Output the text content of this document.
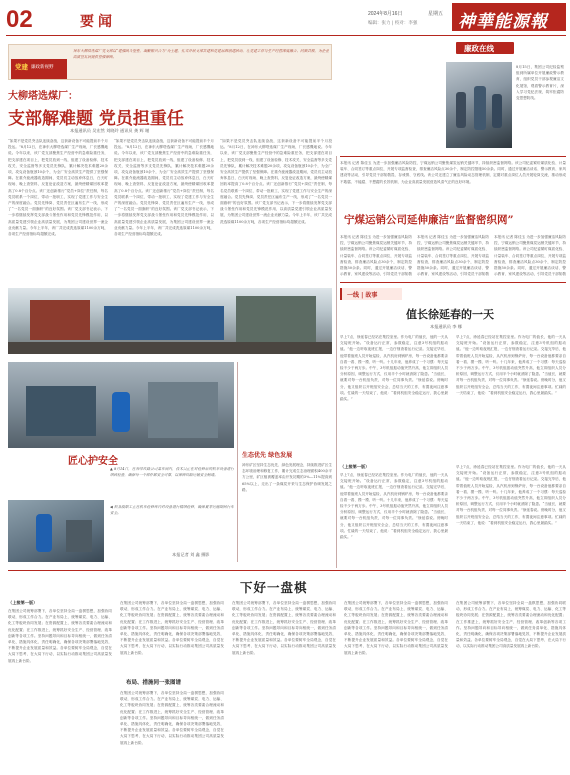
02	要闻	2024年8月16日	星期五
编辑：张力 | 校对：李强 神華能源報
党建 廉政新视野
神东大柳塔选煤厂党支部以“建强战斗堡垒，凝聚振兴合力”为主题，扎实开展支部共建和党建品牌创建活动，让党建工作与生产经营深度融合、同频共振，为企业高质量发展提供坚强保障。
廉政在线
8月15日，集团公司纪检监察组到所属单位开展廉政警示教育，组织党员干部参观廉洁文化展馆，观看警示教育片，深入学习党纪法规，筑牢拒腐防变思想防线。
大柳塔选煤厂：
支部解难题 党员担重任
本报通讯员 吴宏然 刘晓玲 通讯员 龚 辉 谢
“如果不是党员突击队连续奋战，这套新设备不可能提前半个月投运。”8月12日，在神东大柳塔选煤厂生产现场，厂长感慨地说。今年以来，该厂党支部聚焦生产经营中的急难险重任务，把支部建在项目上，把党员放到一线，组建了设备检修、技术攻关、安全监督等多支党员先锋队，累计解决技术难题20余项，攻克设备瓶颈10余个，为全厂安全高效生产提供了坚强保障。在重介旋流器改造期间，党员们主动放弃休息日，白天盯现场、晚上查资料，反复论证改造方案，最终使精煤回收率提高了0.8个百分点。该厂还创新推行“党员+岗位”责任制，每名党员联系一个岗位、带动一批职工，实现了党建工作与安全生产的深度融合。党员先锋岗、党员责任区遍布生产一线，形成了“一名党员一面旗帜”的良好氛围。该厂党支部书记表示，下一步将继续发挥党支部战斗堡垒作用和党员先锋模范作用，以高质量党建引领企业高质量发展，为集团公司建设世界一流企业贡献力量。今年上半年，该厂共完成洗选原煤1100余万吨，各项生产经营指标均超额完成。
“如果不是党员突击队连续奋战，这套新设备不可能提前半个月投运。”8月12日，在神东大柳塔选煤厂生产现场，厂长感慨地说。今年以来，该厂党支部聚焦生产经营中的急难险重任务，把支部建在项目上，把党员放到一线，组建了设备检修、技术攻关、安全监督等多支党员先锋队，累计解决技术难题20余项，攻克设备瓶颈10余个，为全厂安全高效生产提供了坚强保障。在重介旋流器改造期间，党员们主动放弃休息日，白天盯现场、晚上查资料，反复论证改造方案，最终使精煤回收率提高了0.8个百分点。该厂还创新推行“党员+岗位”责任制，每名党员联系一个岗位、带动一批职工，实现了党建工作与安全生产的深度融合。党员先锋岗、党员责任区遍布生产一线，形成了“一名党员一面旗帜”的良好氛围。该厂党支部书记表示，下一步将继续发挥党支部战斗堡垒作用和党员先锋模范作用，以高质量党建引领企业高质量发展，为集团公司建设世界一流企业贡献力量。今年上半年，该厂共完成洗选原煤1100余万吨，各项生产经营指标均超额完成。
“如果不是党员突击队连续奋战，这套新设备不可能提前半个月投运。”8月12日，在神东大柳塔选煤厂生产现场，厂长感慨地说。今年以来，该厂党支部聚焦生产经营中的急难险重任务，把支部建在项目上，把党员放到一线，组建了设备检修、技术攻关、安全监督等多支党员先锋队，累计解决技术难题20余项，攻克设备瓶颈10余个，为全厂安全高效生产提供了坚强保障。在重介旋流器改造期间，党员们主动放弃休息日，白天盯现场、晚上查资料，反复论证改造方案，最终使精煤回收率提高了0.8个百分点。该厂还创新推行“党员+岗位”责任制，每名党员联系一个岗位、带动一批职工，实现了党建工作与安全生产的深度融合。党员先锋岗、党员责任区遍布生产一线，形成了“一名党员一面旗帜”的良好氛围。该厂党支部书记表示，下一步将继续发挥党支部战斗堡垒作用和党员先锋模范作用，以高质量党建引领企业高质量发展，为集团公司建设世界一流企业贡献力量。今年上半年，该厂共完成洗选原煤1100余万吨，各项生产经营指标均超额完成。	宁煤运销公司延伸廉洁“监督密织网”
本报讯 记者 陈佳玉 为进一步加强廉洁风险防控，宁煤运销公司聚焦煤炭运销关键环节，持续织密监督网络。该公司纪委紧盯煤质化验、计量装车、合同签订等重点岗位，开展专项监督检查，排查廉洁风险点30余个，制定防控措施50余条。同时，通过开展廉洁谈话、警示教育、家风建设等活动，引导党员干部知敬
本报讯 记者 陈佳玉 为进一步加强廉洁风险防控，宁煤运销公司聚焦煤炭运销关键环节，持续织密监督网络。该公司纪委紧盯煤质化验、计量装车、合同签订等重点岗位，开展专项监督检查，排查廉洁风险点30余个，制定防控措施50余条。同时，通过开展廉洁谈话、警示教育、家风建设等活动，引导党员干部知敬
本报讯 记者 陈佳玉 为进一步加强廉洁风险防控，宁煤运销公司聚焦煤炭运销关键环节，持续织密监督网络。该公司纪委紧盯煤质化验、计量装车、合同签订等重点岗位，开展专项监督检查，排查廉洁风险点30余个，制定防控措施50余条。同时，通过开展廉洁谈话、警示教育、家风建设等活动，引导党员干部知敬
本报讯 记者 陈佳玉 为进一步加强廉洁风险防控，宁煤运销公司聚焦煤炭运销关键环节，持续织密监督网络。该公司纪委紧盯煤质化验、计量装车、合同签订等重点岗位，开展专项监督检查，排查廉洁风险点30余个，制定防控措施50余条。同时，通过开展廉洁谈话、警示教育、家风建设等活动，引导党员干部知敬畏、存戒惧、守底线。该公司还建立了廉洁风险动态管理机制，定期对重点岗位人员开展轮岗交流，推动形成不敢腐、不能腐、不想腐的长效机制，为企业高质量发展营造风清气正的良好环境。
一线 | 故事
值长徐延春的一天
本报通讯员 李 娜
早上7点，徐延春已经站在集控室里。作为电厂的值长，他的一天从交接班开始。“设备运行正常，参数稳定，注意3号机组的振动值。”他一边听取夜班汇报，一边仔细查看运行记录。交接完毕后，他带着值班人员开始巡检，从汽机房到锅炉房，每一台设备他都要亲自看一看、摸一摸、听一听。十几年来，他养成了一个习惯：每天巡检不少于两万步。中午，3号机组振动值突然升高，他立即组织人员分析原因，调整运行方式，仅用半个小时就消除了隐患。“当值长，就要对每一台机组负责，对每一位同事负责。”徐延春说。傍晚时分，他又组织召开班组安全会，总结当天的工作，布置夜间注意事项。忙碌的一天结束了，他说：“看到机组安全稳定运行，我心里最踏实。”
早上7点，徐延春已经站在集控室里。作为电厂的值长，他的一天从交接班开始。“设备运行正常，参数稳定，注意3号机组的振动值。”他一边听取夜班汇报，一边仔细查看运行记录。交接完毕后，他带着值班人员开始巡检，从汽机房到锅炉房，每一台设备他都要亲自看一看、摸一摸、听一听。十几年来，他养成了一个习惯：每天巡检不少于两万步。中午，3号机组振动值突然升高，他立即组织人员分析原因，调整运行方式，仅用半个小时就消除了隐患。“当值长，就要对每一台机组负责，对每一位同事负责。”徐延春说。傍晚时分，他又组织召开班组安全会，总结当天的工作，布置夜间注意事项。忙碌的一天结束了，他说：“看到机组安全稳定运行，我心里最踏实。”
（上接第一版）
早上7点，徐延春已经站在集控室里。作为电厂的值长，他的一天从交接班开始。“设备运行正常，参数稳定，注意3号机组的振动值。”他一边听取夜班汇报，一边仔细查看运行记录。交接完毕后，他带着值班人员开始巡检，从汽机房到锅炉房，每一台设备他都要亲自看一看、摸一摸、听一听。十几年来，他养成了一个习惯：每天巡检不少于两万步。中午，3号机组振动值突然升高，他立即组织人员分析原因，调整运行方式，仅用半个小时就消除了隐患。“当值长，就要对每一台机组负责，对每一位同事负责。”徐延春说。傍晚时分，他又组织召开班组安全会，总结当天的工作，布置夜间注意事项。忙碌的一天结束了，他说：“看到机组安全稳定运行，我心里最踏实。”
早上7点，徐延春已经站在集控室里。作为电厂的值长，他的一天从交接班开始。“设备运行正常，参数稳定，注意3号机组的振动值。”他一边听取夜班汇报，一边仔细查看运行记录。交接完毕后，他带着值班人员开始巡检，从汽机房到锅炉房，每一台设备他都要亲自看一看、摸一摸、听一听。十几年来，他养成了一个习惯：每天巡检不少于两万步。中午，3号机组振动值突然升高，他立即组织人员分析原因，调整运行方式，仅用半个小时就消除了隐患。“当值长，就要对每一台机组负责，对每一位同事负责。”徐延春说。傍晚时分，他又组织召开班组安全会，总结当天的工作，布置夜间注意事项。忙碌的一天结束了，他说：“看到机组安全稳定运行，我心里最踏实。”
匠心护安全
▲ 8月14日，在神华铁路公司某车间内，技术员正在对检修后的机车设备进行细致检查，确保每一个部件都安全可靠，以保障铁路运输安全畅通。
◀ 机务段职工正在机车检修库内对设备进行精细检修，确保夏季运输期间行车安全。
本报记者 刘 鑫 摄影
生态优先 绿色发展
神东矿区坚持生态优先、绿色发展理念，持续推进矿区生态环境治理和修复工作，累计完成生态治理面积400余平方公里，矿区植被覆盖率由开发初期的3%—11%提高到65%以上，走出了一条煤炭开采与生态保护协调发展之路。
下好一盘棋
（上接第一版）
在集团公司统筹部署下，各单位坚持全局一盘棋思想，加强协同联动，形成工作合力。在产业布局上，统筹煤炭、电力、运输、化工等板块协同发展；在资源配置上，统筹各类要素合理流动和优化配置；在工作推进上，统筹抓好安全生产、经营管理、改革创新等各项工作。坚持问题导向和目标导向相统一，做到任务清单化、措施具体化、责任明确化，确保各项决策部署落地见效，不断提升企业发展质量和效益。各单位要树牢全局观念，自觉在大局下思考、在大局下行动，以实际行动推动集团公司高质量发展再上新台阶。
在集团公司统筹部署下，各单位坚持全局一盘棋思想，加强协同联动，形成工作合力。在产业布局上，统筹煤炭、电力、运输、化工等板块协同发展；在资源配置上，统筹各类要素合理流动和优化配置；在工作推进上，统筹抓好安全生产、经营管理、改革创新等各项工作。坚持问题导向和目标导向相统一，做到任务清单化、措施具体化、责任明确化，确保各项决策部署落地见效，不断提升企业发展质量和效益。各单位要树牢全局观念，自觉在大局下思考、在大局下行动，以实际行动推动集团公司高质量发展再上新台阶。
布局、措施同一张图谱
在集团公司统筹部署下，各单位坚持全局一盘棋思想，加强协同联动，形成工作合力。在产业布局上，统筹煤炭、电力、运输、化工等板块协同发展；在资源配置上，统筹各类要素合理流动和优化配置；在工作推进上，统筹抓好安全生产、经营管理、改革创新等各项工作。坚持问题导向和目标导向相统一，做到任务清单化、措施具体化、责任明确化，确保各项决策部署落地见效，不断提升企业发展质量和效益。各单位要树牢全局观念，自觉在大局下思考、在大局下行动，以实际行动推动集团公司高质量发展再上新台阶。
在集团公司统筹部署下，各单位坚持全局一盘棋思想，加强协同联动，形成工作合力。在产业布局上，统筹煤炭、电力、运输、化工等板块协同发展；在资源配置上，统筹各类要素合理流动和优化配置；在工作推进上，统筹抓好安全生产、经营管理、改革创新等各项工作。坚持问题导向和目标导向相统一，做到任务清单化、措施具体化、责任明确化，确保各项决策部署落地见效，不断提升企业发展质量和效益。各单位要树牢全局观念，自觉在大局下思考、在大局下行动，以实际行动推动集团公司高质量发展再上新台阶。
在集团公司统筹部署下，各单位坚持全局一盘棋思想，加强协同联动，形成工作合力。在产业布局上，统筹煤炭、电力、运输、化工等板块协同发展；在资源配置上，统筹各类要素合理流动和优化配置；在工作推进上，统筹抓好安全生产、经营管理、改革创新等各项工作。坚持问题导向和目标导向相统一，做到任务清单化、措施具体化、责任明确化，确保各项决策部署落地见效，不断提升企业发展质量和效益。各单位要树牢全局观念，自觉在大局下思考、在大局下行动，以实际行动推动集团公司高质量发展再上新台阶。
在集团公司统筹部署下，各单位坚持全局一盘棋思想，加强协同联动，形成工作合力。在产业布局上，统筹煤炭、电力、运输、化工等板块协同发展；在资源配置上，统筹各类要素合理流动和优化配置；在工作推进上，统筹抓好安全生产、经营管理、改革创新等各项工作。坚持问题导向和目标导向相统一，做到任务清单化、措施具体化、责任明确化，确保各项决策部署落地见效，不断提升企业发展质量和效益。各单位要树牢全局观念，自觉在大局下思考、在大局下行动，以实际行动推动集团公司高质量发展再上新台阶。
